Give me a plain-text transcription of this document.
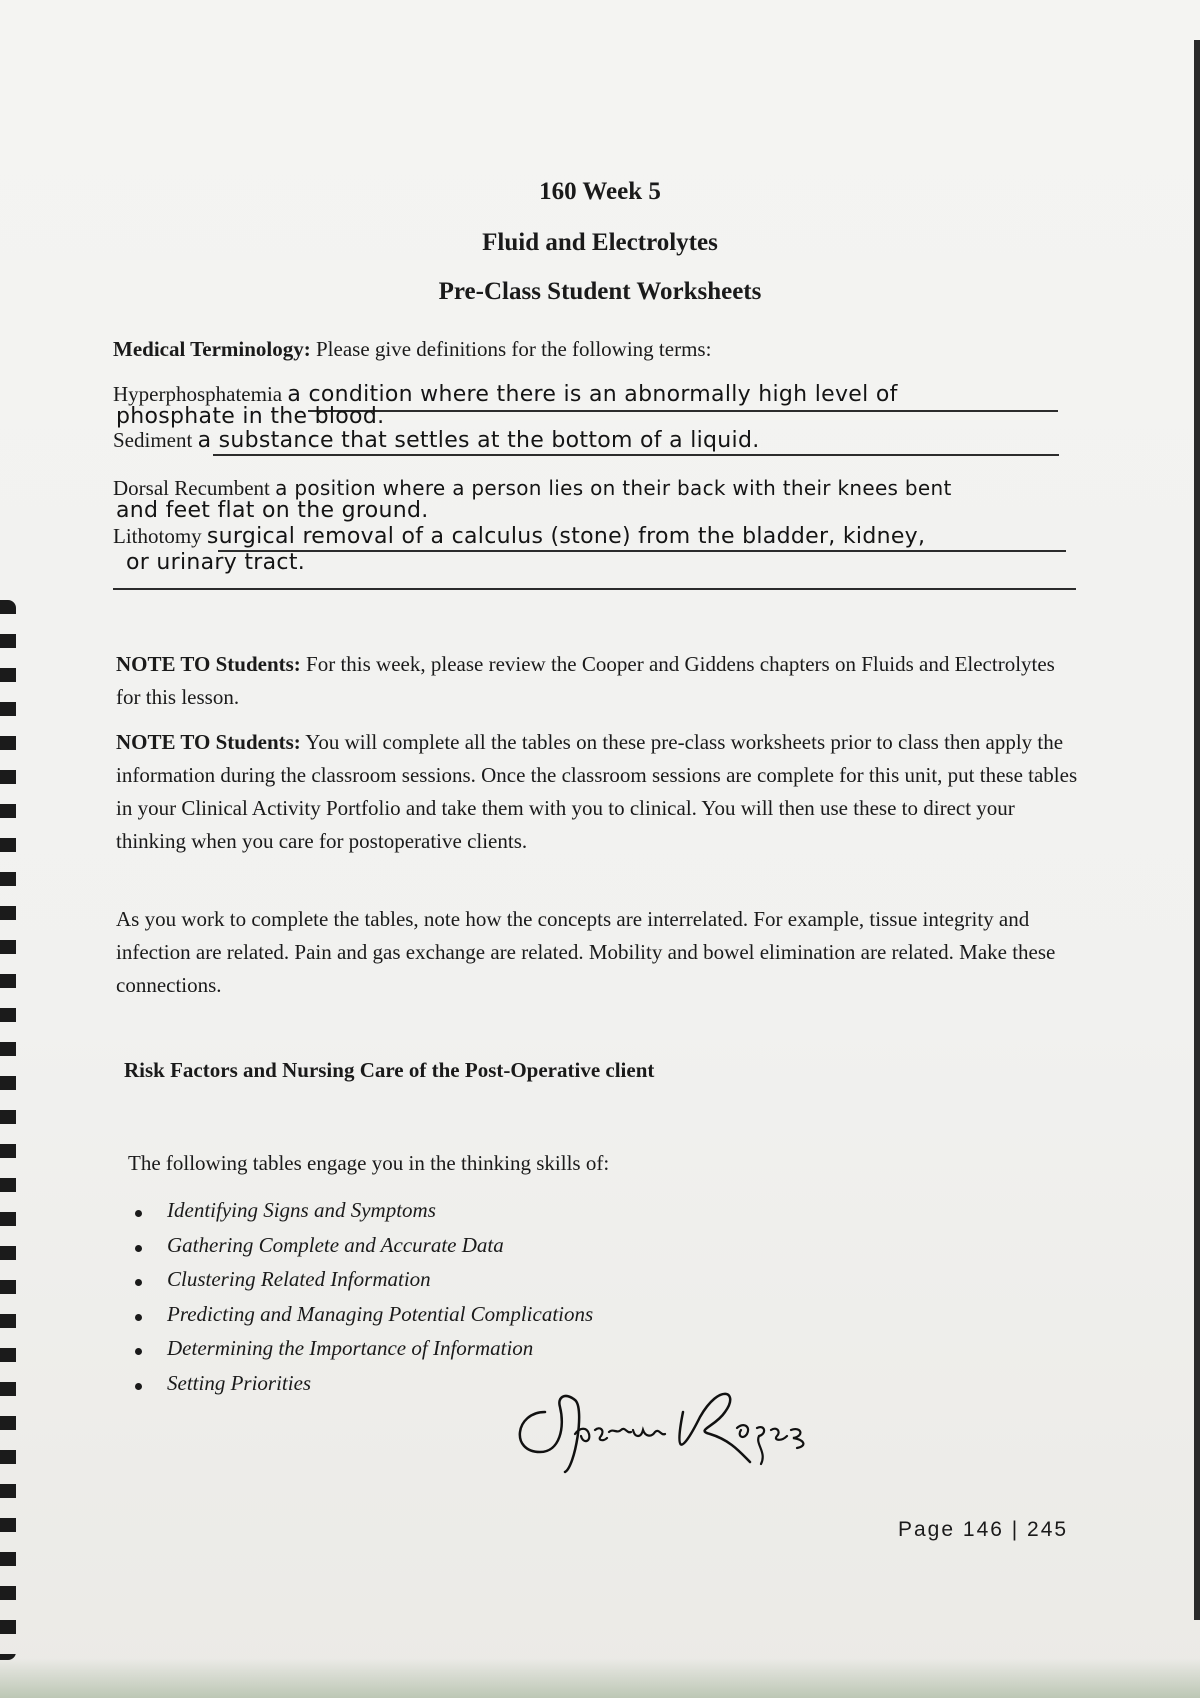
160 Week 5
Fluid and Electrolytes
Pre-Class Student Worksheets
Medical Terminology: Please give definitions for the following terms:
Hyperphosphatemia a condition where there is an abnormally high level of
phosphate in the blood.
Sediment a substance that settles at the bottom of a liquid.
Dorsal Recumbent a position where a person lies on their back with their knees bent
and feet flat on the ground.
Lithotomy surgical removal of a calculus (stone) from the bladder, kidney,
or urinary tract.
NOTE TO Students: For this week, please review the Cooper and Giddens chapters on Fluids and Electrolytes for this lesson.
NOTE TO Students: You will complete all the tables on these pre-class worksheets prior to class then apply the information during the classroom sessions. Once the classroom sessions are complete for this unit, put these tables in your Clinical Activity Portfolio and take them with you to clinical. You will then use these to direct your thinking when you care for postoperative clients.
As you work to complete the tables, note how the concepts are interrelated. For example, tissue integrity and infection are related. Pain and gas exchange are related. Mobility and bowel elimination are related. Make these connections.
Risk Factors and Nursing Care of the Post-Operative client
The following tables engage you in the thinking skills of:
Identifying Signs and Symptoms
Gathering Complete and Accurate Data
Clustering Related Information
Predicting and Managing Potential Complications
Determining the Importance of Information
Setting Priorities
Page 146 | 245
